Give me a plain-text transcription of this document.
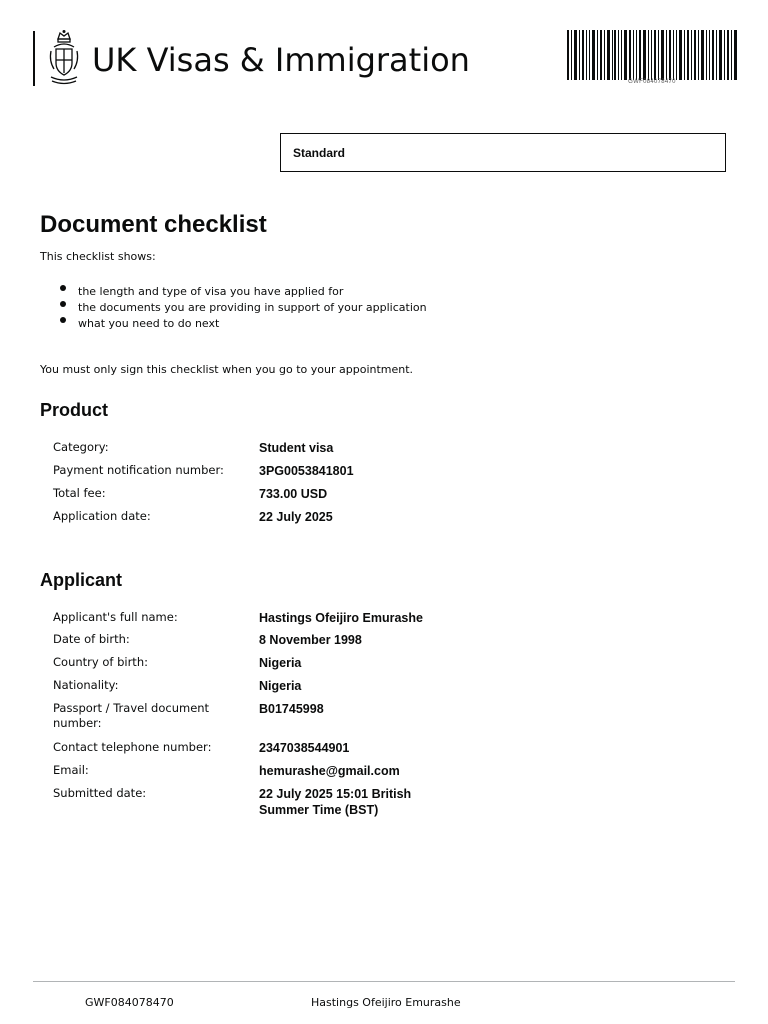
UK Visas & Immigration
GWF084078470
Standard
Document checklist
This checklist shows:
the length and type of visa you have applied for
the documents you are providing in support of your application
what you need to do next
You must only sign this checklist when you go to your appointment.
Product
Category:	Student visa
Payment notification number:	3PG0053841801
Total fee:	733.00 USD
Application date:	22 July 2025
Applicant
Applicant's full name:	Hastings Ofeijiro Emurashe
Date of birth:	8 November 1998
Country of birth:	Nigeria
Nationality:	Nigeria
Passport / Travel document number:
B01745998
Contact telephone number:	2347038544901
Email:	hemurashe@gmail.com
Submitted date:	22 July 2025 15:01 British Summer Time (BST)
GWF084078470	Hastings Ofeijiro Emurashe
